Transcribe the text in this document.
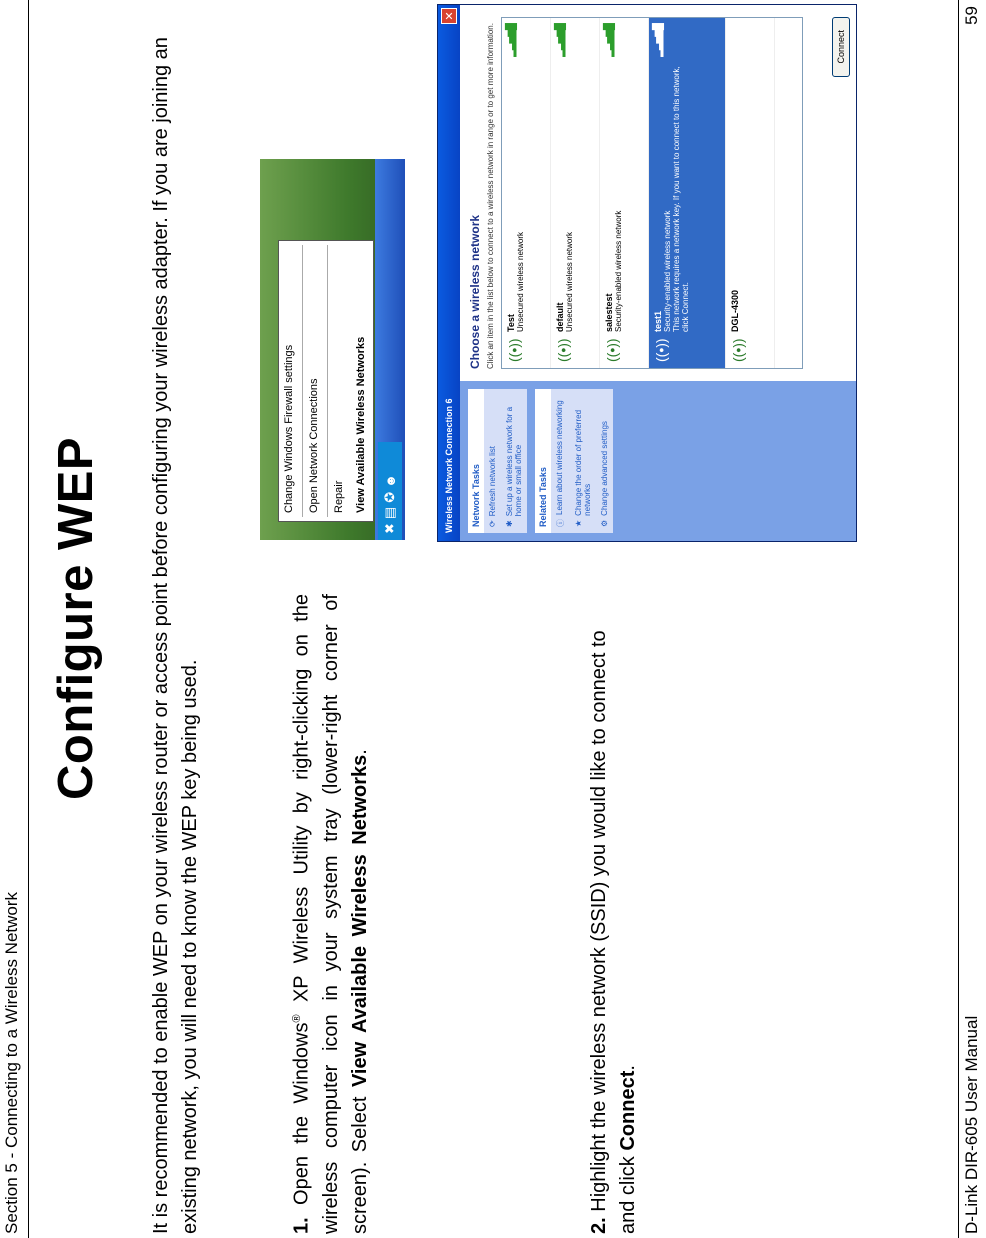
Section 5 - Connecting to a Wireless Network
Configure WEP It is recommended to enable WEP on your wireless router or access point before configuring your wireless adapter. If you are joining an existing network, you will need to know the WEP key being used.	1. Open the Windows® XP Wireless Utility by right-clicking on the wireless computer icon in your system tray (lower-right corner of screen). Select View Available Wireless Networks.
2. Highlight the wireless network (SSID) you would like to connect to and click Connect.
Change Windows Firewall settings	Open Network Connections	Repair View Available Wireless Networks
✖
▤
✪
☻	Wireless Network Connection 6
✕
Network Tasks ⟳
Refresh network list
✱
Set up a wireless network for a home or small office	Related Tasks	ⓘ
Learn about wireless networking
★
Change the order of preferred networks
⚙
Change advanced settings
Choose a wireless network Click an item in the list below to connect to a wireless network in range or to get more information. ((•))
Test Unsecured wireless network
▂▃▅▆█
((•))
default Unsecured wireless network
▂▃▅▆█
((•))
salestest Security-enabled wireless network
▂▃▅▆█
((•))
test1 Security-enabled wireless network This network requires a network key. If you want to connect to this network, click Connect.
▂▃▅▆█
((•))
DGL-4300
Connect
D-Link DIR-605 User Manual
59
